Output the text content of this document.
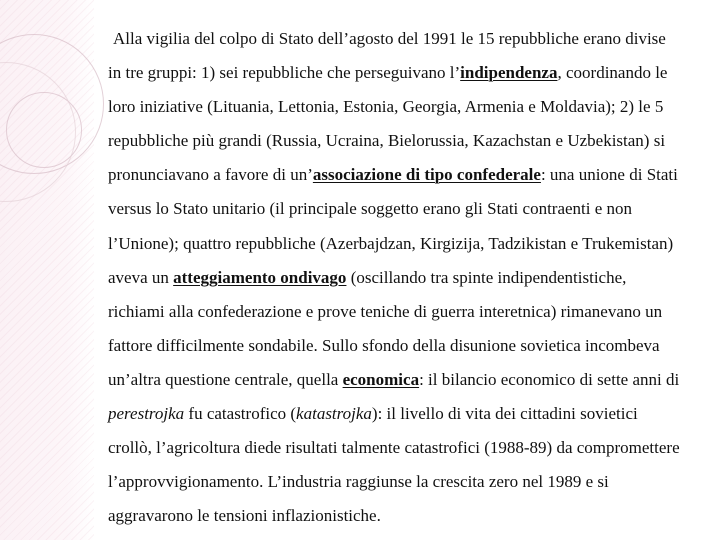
Alla vigilia del colpo di Stato dell’agosto del 1991 le 15 repubbliche erano divise
in tre gruppi: 1) sei repubbliche che perseguivano l’indipendenza, coordinando le
loro iniziative (Lituania, Lettonia, Estonia, Georgia, Armenia e Moldavia); 2) le 5
repubbliche più grandi (Russia, Ucraina, Bielorussia, Kazachstan e Uzbekistan) si
pronunciavano a favore di un’associazione di tipo confederale: una unione di Stati
versus lo Stato unitario (il principale soggetto erano gli Stati contraenti e non
l’Unione); quattro repubbliche (Azerbajdzan, Kirgizija, Tadzikistan e Trukemistan)
aveva un atteggiamento ondivago (oscillando tra spinte indipendentistiche,
richiami alla confederazione e prove teniche di guerra interetnica) rimanevano un
fattore difficilmente sondabile. Sullo sfondo della disunione sovietica incombeva
un’altra questione centrale, quella economica: il bilancio economico di sette anni di
perestrojka fu catastrofico (katastrojka): il livello di vita dei cittadini sovietici
crollò, l’agricoltura diede risultati talmente catastrofici (1988-89) da compromettere
l’approvvigionamento. L’industria raggiunse la crescita zero nel 1989 e si
aggravarono le tensioni inflazionistiche.
